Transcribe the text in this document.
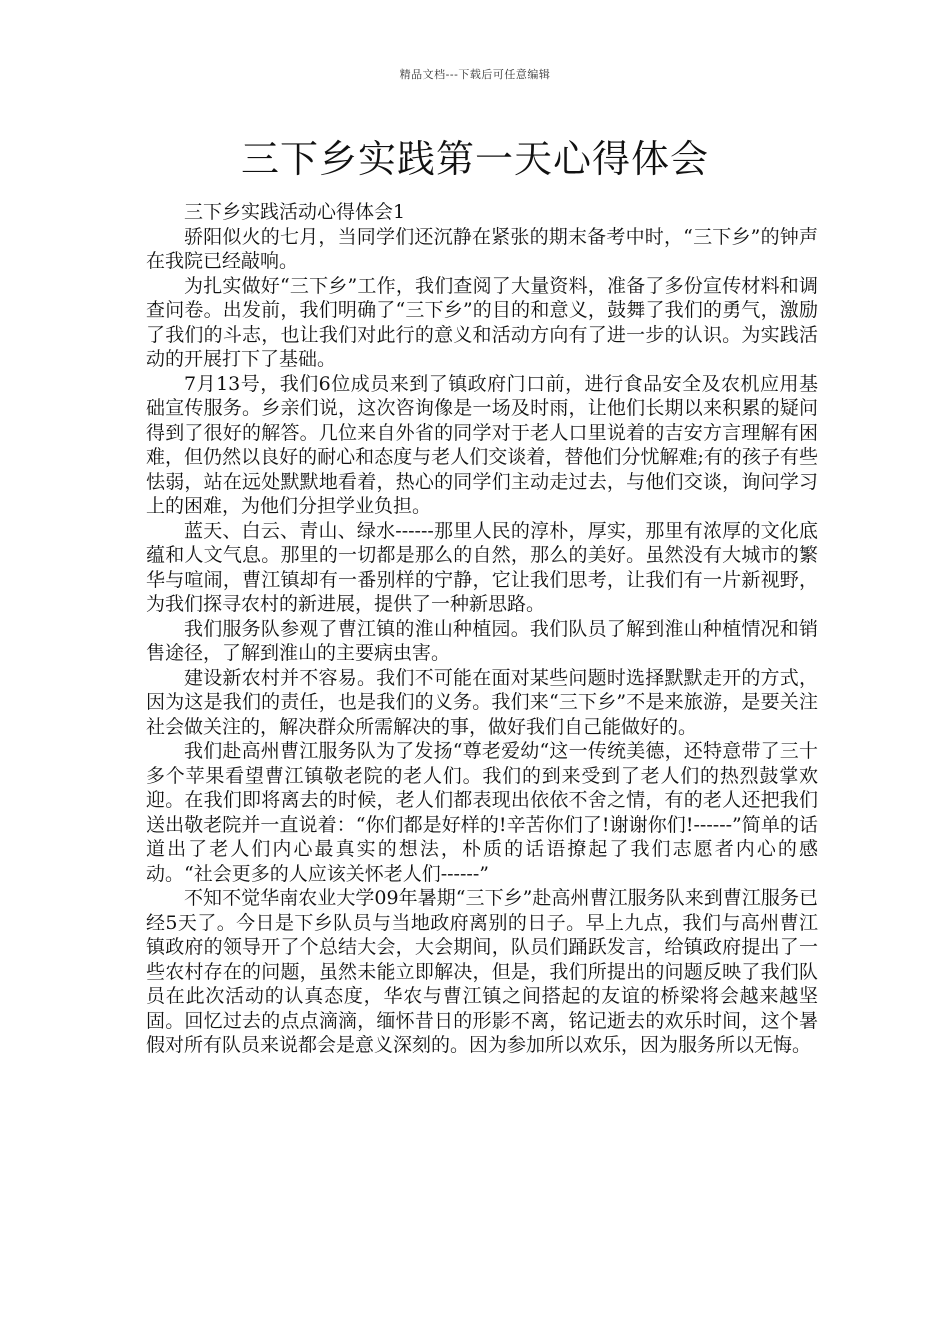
精品文档---下载后可任意编辑
三下乡实践第一天心得体会

三下乡实践活动心得体会1

骄阳似火的七月，当同学们还沉静在紧张的期末备考中时，“三下乡”的钟声在我院已经敲响。

为扎实做好“三下乡”工作，我们查阅了大量资料，准备了多份宣传材料和调查问卷。出发前，我们明确了“三下乡”的目的和意义，鼓舞了我们的勇气，激励了我们的斗志，也让我们对此行的意义和活动方向有了进一步的认识。为实践活动的开展打下了基础。

7月13号，我们6位成员来到了镇政府门口前，进行食品安全及农机应用基础宣传服务。乡亲们说，这次咨询像是一场及时雨，让他们长期以来积累的疑问得到了很好的解答。几位来自外省的同学对于老人口里说着的吉安方言理解有困难，但仍然以良好的耐心和态度与老人们交谈着，替他们分忧解难;有的孩子有些怯弱，站在远处默默地看着，热心的同学们主动走过去，与他们交谈，询问学习上的困难，为他们分担学业负担。

蓝天、白云、青山、绿水------那里人民的淳朴，厚实，那里有浓厚的文化底蕴和人文气息。那里的一切都是那么的自然，那么的美好。虽然没有大城市的繁华与喧闹，曹江镇却有一番别样的宁静，它让我们思考，让我们有一片新视野，为我们探寻农村的新进展，提供了一种新思路。

我们服务队参观了曹江镇的淮山种植园。我们队员了解到淮山种植情况和销售途径，了解到淮山的主要病虫害。

建设新农村并不容易。我们不可能在面对某些问题时选择默默走开的方式，因为这是我们的责任，也是我们的义务。我们来“三下乡”不是来旅游，是要关注社会做关注的，解决群众所需解决的事，做好我们自己能做好的。

我们赴高州曹江服务队为了发扬“尊老爱幼“这一传统美德，还特意带了三十多个苹果看望曹江镇敬老院的老人们。我们的到来受到了老人们的热烈鼓掌欢迎。在我们即将离去的时候，老人们都表现出依依不舍之情，有的老人还把我们送出敬老院并一直说着：“你们都是好样的!辛苦你们了!谢谢你们!------”简单的话道出了老人们内心最真实的想法，朴质的话语撩起了我们志愿者内心的感动。“社会更多的人应该关怀老人们------”

不知不觉华南农业大学09年暑期“三下乡”赴高州曹江服务队来到曹江服务已经5天了。今日是下乡队员与当地政府离别的日子。早上九点，我们与高州曹江镇政府的领导开了个总结大会，大会期间，队员们踊跃发言，给镇政府提出了一些农村存在的问题，虽然未能立即解决，但是，我们所提出的问题反映了我们队员在此次活动的认真态度，华农与曹江镇之间搭起的友谊的桥梁将会越来越坚固。回忆过去的点点滴滴，缅怀昔日的形影不离，铭记逝去的欢乐时间，这个暑假对所有队员来说都会是意义深刻的。因为参加所以欢乐，因为服务所以无悔。
